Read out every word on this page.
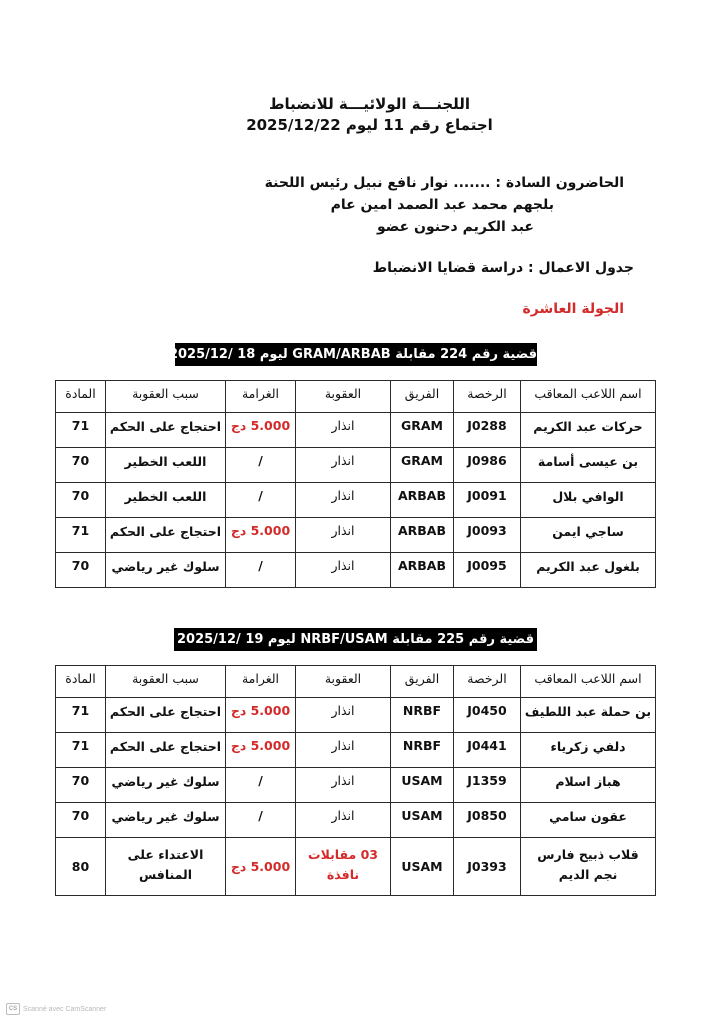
اللجنـــة الولائيـــة للانضباط
اجتماع رقم 11 ليوم 2025/12/22
الحاضرون السادة : ....... نوار نافع نبيل رئيس اللحنة
بلجهم محمد عبد الصمد امين عام
عبد الكريم دحنون عضو
جدول الاعمال : دراسة قضايا الانضباط
الجولة العاشرة
قضية رقم 224 مقابلة GRAM/ARBAB ليوم 18 /2025/12
اسم اللاعب المعاقب	الرخصة	الفريق	العقوبة	الغرامة	سبب العقوبة	المادة
حركات عبد الكريم	J0288	GRAM	انذار	5.000 دج	احتجاج على الحكم	71
بن عيسى أسامة	J0986	GRAM	انذار	/	اللعب الخطير	70
الوافي بلال	J0091	ARBAB	انذار	/	اللعب الخطير	70
ساجي ايمن	J0093	ARBAB	انذار	5.000 دج	احتجاج على الحكم	71
بلغول عبد الكريم	J0095	ARBAB	انذار	/	سلوك غير رياضي	70
قضية رقم 225 مقابلة NRBF/USAM ليوم 19 /2025/12
اسم اللاعب المعاقب	الرخصة	الفريق	العقوبة	الغرامة	سبب العقوبة	المادة
بن حملة عبد اللطيف	J0450	NRBF	انذار	5.000 دج	احتجاج على الحكم	71
دلفي زكرياء	J0441	NRBF	انذار	5.000 دج	احتجاج على الحكم	71
هباز اسلام	J1359	USAM	انذار	/	سلوك غير رياضي	70
عقون سامي	J0850	USAM	انذار	/	سلوك غير رياضي	70
قلاب ذبيح فارس نجم الديم	J0393	USAM	03 مقابلات نافذة	5.000 دج	الاعتداء على المنافس	80
CS Scanné avec CamScanner
